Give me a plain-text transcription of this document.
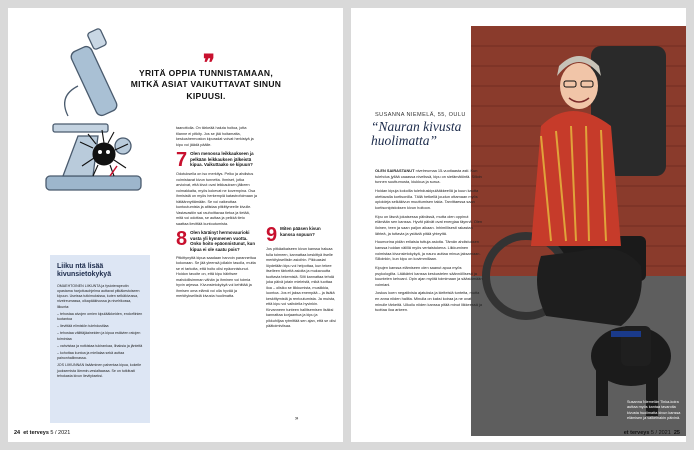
❞
YRITÄ OPPIA TUNNISTAMAAN, MITKÄ ASIAT VAIKUTTAVAT SINUN KIPUUSI.
Liiku ntä lisää kivunsietokykyä

OMAEHTOINEN LIIKUNTA ja fysioterapeutin opastama harjoitusohjelma auttavat pitkäkestoiseen kipuun. Useissa tutkimuksissa, kuten selkäkivussa, nivelreumassa, olkapääkivussa ja nivelrikossa, liikunta:

– tehostaa aivojen omien kipulääkkeiden, endorfiinien tuotantoa

– lievittää elimistön tulehdustilaa

– tehostaa välittäjäaineiden ja kipua estävien ratojen toimintaa

– vahvistaa ja notkistaa tukirankaa, lihaksia ja jänteitä

– kohottaa kuntoa ja mielialaa sekä auttaa painonhallinnassa.

JOS LIIKUNNAN lisääminen pahentaa kipua, kokeile juoksemista lämmin-vesialtaassa. Se on tutkitusti tehokasta kivun lievitykseksi.

taanottolla. On tärkeää haluta hoitoa, jotta tilanne ei pitkity. Jos se jää hoitamatta, keskushermoston kipuradat voivat herkistyä ja kipu voi jäädä päälle.

7 Olen menossa leikkaukseen ja pelkään leikkauksen jälkeistä kipua. Vaikuttaako se kipuun?

Odotuksella on iso merkitys. Pelko ja ahdistus voimistavat kivun tunnetta. Ihmiset, jotka arvioivat, että kivut ovat leikkauksen jälkeen voimakkaita, myös kokevat ne kovempina. Osa ihmisistä on myös herkempiä katastrofoimaan ja hätäännyttämään. Se voi vaikeuttaa kuntoutumista ja altistaa pitkittyneelle kivulle. Vastavastiin sai rauhoittavaa tietoa ja tietää, mitä voi odottaa, se auttaa ja pelkkä tieto saattaa lievittää kuntoutumista.

8 Olen käräinyt hermovaurioki vusta yli kymmenen vuotta. Onko hoito epäonnistunut, kun kipua ei ole saatu pois?

Pitkittynyttä kipua saadaan harvoin parannettua kokonaan. Se jää yleensä jollakin tasolla, mutta se ei tarkoita, että hoito olisi epäonnistunut. Hoidon tavoite on, että kipu häiritsee mahdollisimman vähän ja ihminen voi toimia hyvin arjessa. Kivunsietokykyä voi kehittää ja ihmisen oma elämä voi olla hyvää ja merkityksellistä kivusta huolimatta.

9 Miten pääsen kivun kanssa sopuun?

Jos pitkäaikaiseen kivun kanssa haluaa tulla toimeen, kannattaa keskittyä itselle merkityksellisiin asioihin. Pikkuasiat löydetään kipu voi helpottaa, kun tekee itselleen tärkeitä asioita ja mukavuutta tuottavia tekemisiä. Silti kannattaa tehdä joka päivä jotain mieleistä, mikä tuottaa iloa – olisiko se liikkumista, musiikkia, luontoa. Jos et jaksa enempää – ja lisätä keskittymistä ja rentoutumista. Ja muista, että kipu voi vaihdella hyvinkin. Kirvanneen tunteen hallitsemisen lisäksi kannattaa korjaantua ja kipu ja pikkuhiljaa rytmittää sen ajan, että se olisi päätoimiviisaa.

»
24 et terveys 5 / 2021
SUSANNA NIEMELÄ, 55, OULU
“Nauran kivusta huolimatta”

OLEN SAIRASTANUT nivelreumaa 15-vuotiaasta asti. Kun tulehdus jyllää caaassa nivelissä, kipu on sietämätöntä. Silloin tunnen suuttumusta, kiukkua ja surua.

Hoidan kipuja kokoilla tulehduskipulääkkeellä ja kuun kautta otettavalla kortisonilla. Tällä hetkellä joudun ottamaan myös opioideja selkäkivun muuttumisen takia. Tarvittaessa saan kortisonipistoksen kivun hoitoon.

Kipu on läsnä jokaisessa päivässä, mutta olen oppinut elämään sen kanssa. Hyvät päivät ovat energiaa täynnä. Olen iloinen, teen ja saan paljon aikaan. Inhimillisesti rakastan lähteä, ja tuttavia ja ystäviä pitää yhteyttä.

Huumorina pidän erilaisia tuttuja asioita. Tämän ahdistuksen kanssa hoidan välillä myös vertaistukena. Liikkuminen voimistaa kivunsietokykyä, ja nauru auttaa minua jaksamaan. Silloinkin, kun kipu on kovimmillaan.

Kipujen kanssa elämiseen olen saanut apua myös psykologilta. Lääkärini kanssa keskustelen säännöllisesti ja kuuntelen kehoani. Opin ajan myötä toimimaan ja säästämään voimiani.

Joskus koen negatiivisia ajatuksia ja kielteisiä tunteita, mutta en anna niiden hallita. Minulla on kaksi koiraa ja ne ovat minulle tärkeitä. Ulkoilu niiden kanssa pitää minut liikkeessä ja tuottaa iloa arkeen.

Susanna Niemelän Tinka-koira auttaa myös kantaa tavaroita kivusta huolimatta kivun kanssa elämisen ja vaikeinakin päivinä.
et terveys 5 / 2021 25
